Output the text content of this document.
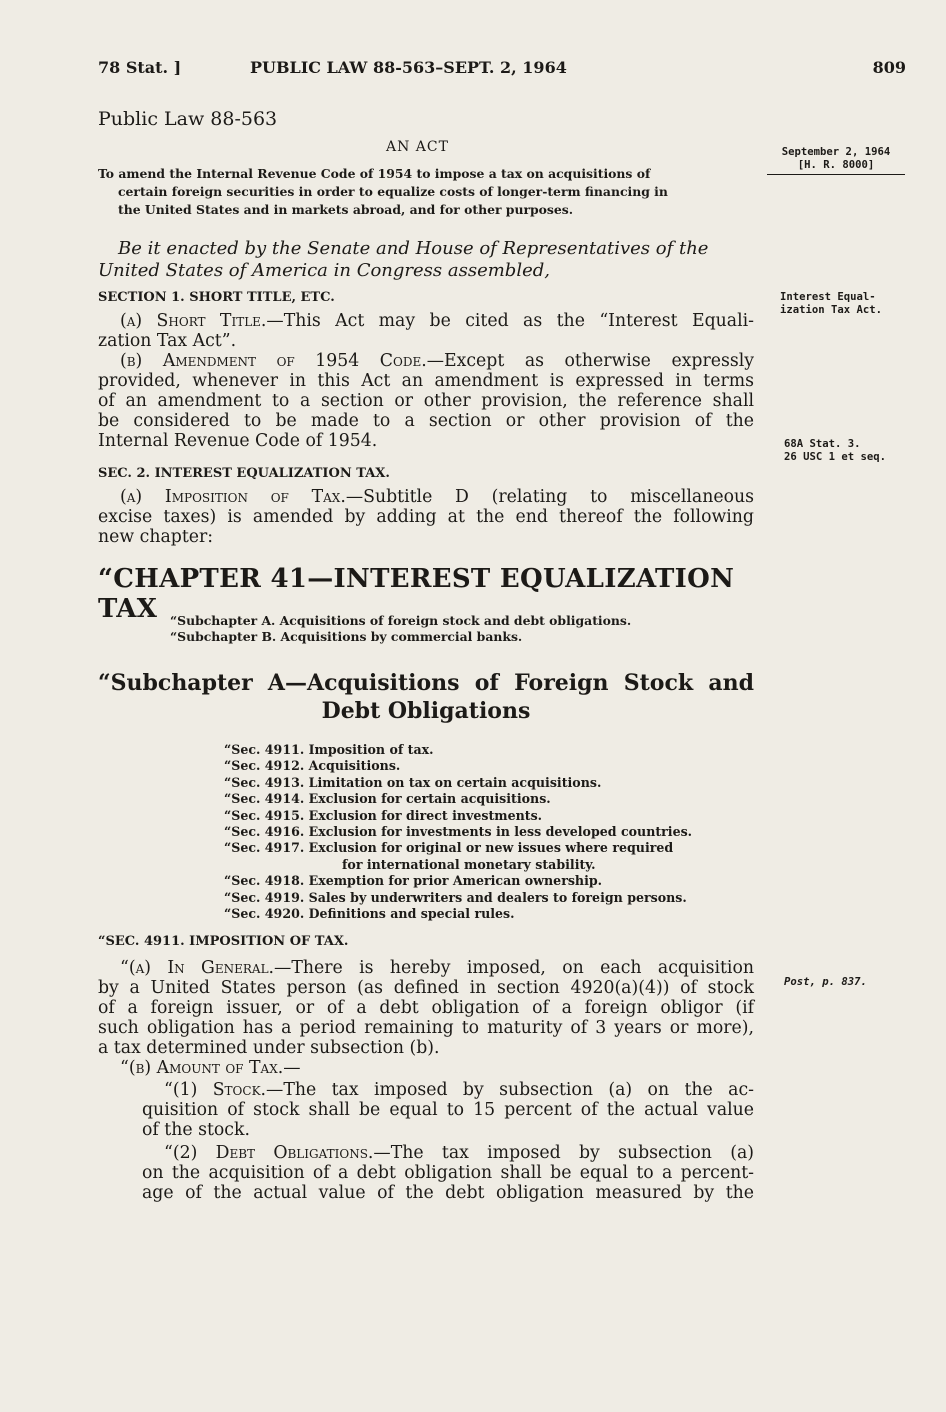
78 Stat. ]	PUBLIC LAW 88-563–SEPT. 2, 1964	809
Public Law 88-563
AN ACT

To amend the Internal Revenue Code of 1954 to impose a tax on acquisitions of

certain foreign securities in order to equalize costs of longer-term financing in

the United States and in markets abroad, and for other purposes.

Be it enacted by the Senate and House of Representatives of the
United States of America in Congress assembled,
SECTION 1. SHORT TITLE, ETC.
(a) Short Title.—This Act may be cited as the “Interest Equali-
zation Tax Act”.
(b) Amendment of 1954 Code.—Except as otherwise expressly
provided, whenever in this Act an amendment is expressed in terms
of an amendment to a section or other provision, the reference shall
be considered to be made to a section or other provision of the
Internal Revenue Code of 1954.
SEC. 2. INTEREST EQUALIZATION TAX.
(a) Imposition of Tax.—Subtitle D (relating to miscellaneous
excise taxes) is amended by adding at the end thereof the following
new chapter:
“CHAPTER 41—INTEREST EQUALIZATION TAX	“Subchapter A. Acquisitions of foreign stock and debt obligations.
“Subchapter B. Acquisitions by commercial banks.
“Subchapter A—Acquisitions of Foreign Stock and
Debt Obligations
“Sec. 4911. Imposition of tax.
“Sec. 4912. Acquisitions.
“Sec. 4913. Limitation on tax on certain acquisitions.
“Sec. 4914. Exclusion for certain acquisitions.
“Sec. 4915. Exclusion for direct investments.
“Sec. 4916. Exclusion for investments in less developed countries.
“Sec. 4917. Exclusion for original or new issues where required
for international monetary stability.
“Sec. 4918. Exemption for prior American ownership.
“Sec. 4919. Sales by underwriters and dealers to foreign persons.
“Sec. 4920. Definitions and special rules.
“SEC. 4911. IMPOSITION OF TAX.
“(a) In General.—There is hereby imposed, on each acquisition
by a United States person (as defined in section 4920(a)(4)) of stock
of a foreign issuer, or of a debt obligation of a foreign obligor (if
such obligation has a period remaining to maturity of 3 years or more),
a tax determined under subsection (b).
“(b) Amount of Tax.—
“(1) Stock.—The tax imposed by subsection (a) on the ac-
quisition of stock shall be equal to 15 percent of the actual value
of the stock.
“(2) Debt Obligations.—The tax imposed by subsection (a)
on the acquisition of a debt obligation shall be equal to a percent-
age of the actual value of the debt obligation measured by the
September 2, 1964
[H. R. 8000]
Interest Equal-
ization Tax Act.
68A Stat. 3.
26 USC 1 et seq.
Post, p. 837.
